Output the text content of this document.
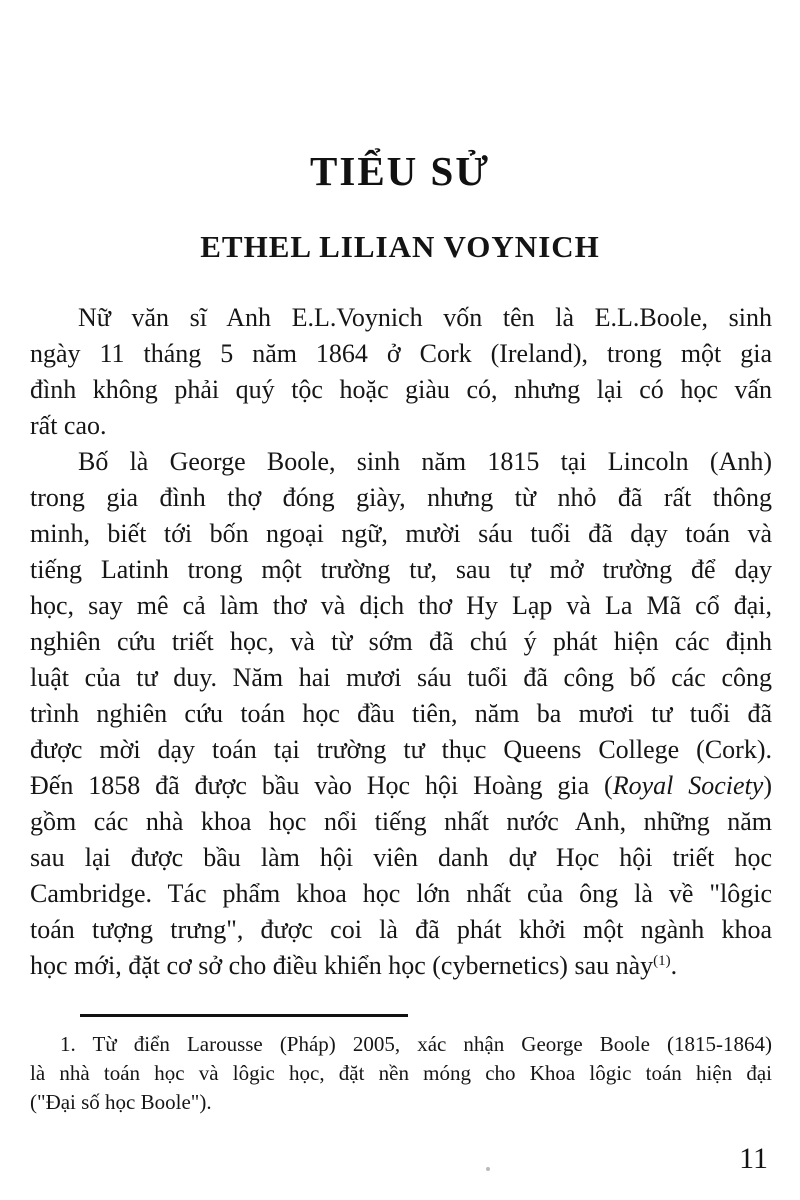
TIỂU SỬ
ETHEL LILIAN VOYNICH
Nữ văn sĩ Anh E.L.Voynich vốn tên là E.L.Boole, sinh
ngày 11 tháng 5 năm 1864 ở Cork (Ireland), trong một gia
đình không phải quý tộc hoặc giàu có, nhưng lại có học vấn
rất cao.
Bố là George Boole, sinh năm 1815 tại Lincoln (Anh)
trong gia đình thợ đóng giày, nhưng từ nhỏ đã rất thông
minh, biết tới bốn ngoại ngữ, mười sáu tuổi đã dạy toán và
tiếng Latinh trong một trường tư, sau tự mở trường để dạy
học, say mê cả làm thơ và dịch thơ Hy Lạp và La Mã cổ đại,
nghiên cứu triết học, và từ sớm đã chú ý phát hiện các định
luật của tư duy. Năm hai mươi sáu tuổi đã công bố các công
trình nghiên cứu toán học đầu tiên, năm ba mươi tư tuổi đã
được mời dạy toán tại trường tư thục Queens College (Cork).
Đến 1858 đã được bầu vào Học hội Hoàng gia (Royal Society)
gồm các nhà khoa học nổi tiếng nhất nước Anh, những năm
sau lại được bầu làm hội viên danh dự Học hội triết học
Cambridge. Tác phẩm khoa học lớn nhất của ông là về "lôgic
toán tượng trưng", được coi là đã phát khởi một ngành khoa
học mới, đặt cơ sở cho điều khiển học (cybernetics) sau này$^{(1)}$.
1. Từ điển Larousse (Pháp) 2005, xác nhận George Boole (1815-1864)
là nhà toán học và lôgic học, đặt nền móng cho Khoa lôgic toán hiện đại
("Đại số học Boole").
11
